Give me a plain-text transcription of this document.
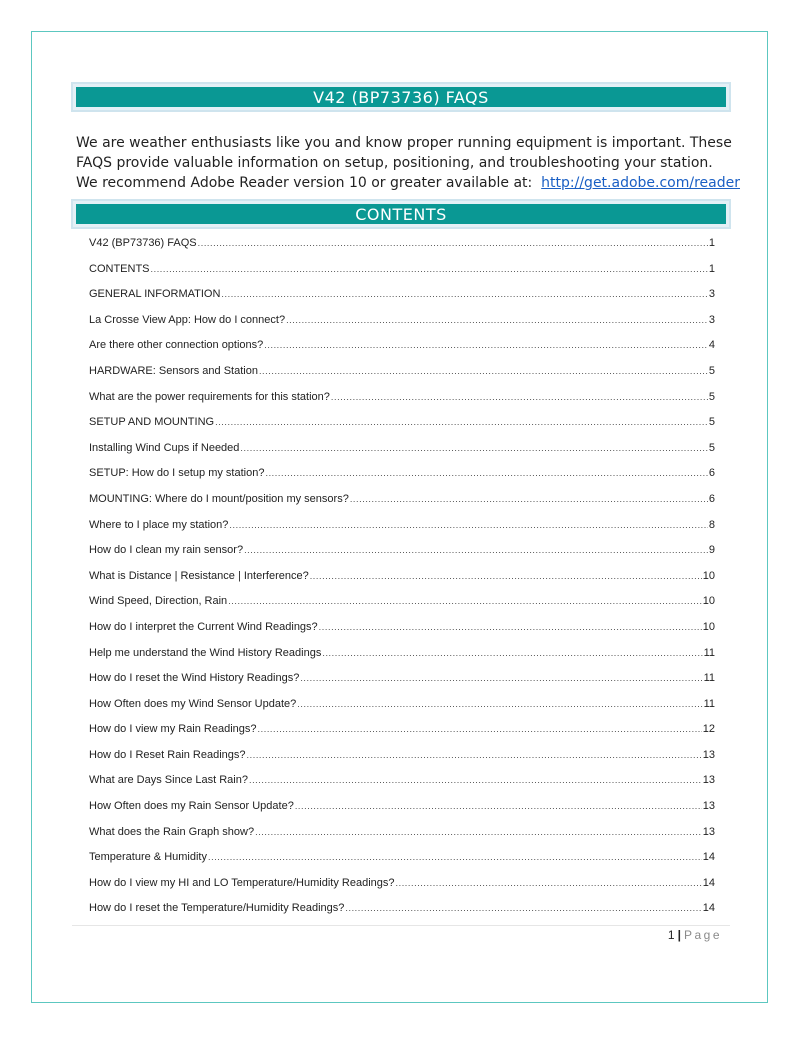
V42 (BP73736) FAQS

We are weather enthusiasts like you and know proper running equipment is important. These

FAQS provide valuable information on setup, positioning, and troubleshooting your station.

We recommend Adobe Reader version 10 or greater available at: http://get.adobe.com/reader

CONTENTS
V42 (BP73736) FAQS .....	1
CONTENTS .....	1
GENERAL INFORMATION .....	3
La Crosse View App: How do I connect? .....	3
Are there other connection options? .....	4
HARDWARE: Sensors and Station .....	5
What are the power requirements for this station? .....	5
SETUP AND MOUNTING .....	5
Installing Wind Cups if Needed .....	5
SETUP: How do I setup my station? .....	6
MOUNTING: Where do I mount/position my sensors? .....	6
Where to I place my station? .....	8
How do I clean my rain sensor? .....	9
What is Distance | Resistance | Interference? .....	10
Wind Speed, Direction, Rain .....	10
How do I interpret the Current Wind Readings? .....	10
Help me understand the Wind History Readings .....	11
How do I reset the Wind History Readings? .....	11
How Often does my Wind Sensor Update? .....	11
How do I view my Rain Readings? .....	12
How do I Reset Rain Readings? .....	13
What are Days Since Last Rain? .....	13
How Often does my Rain Sensor Update? .....	13
What does the Rain Graph show? .....	13
Temperature & Humidity .....	14
How do I view my HI and LO Temperature/Humidity Readings? .....	14
How do I reset the Temperature/Humidity Readings? .....	14
1 | Page
